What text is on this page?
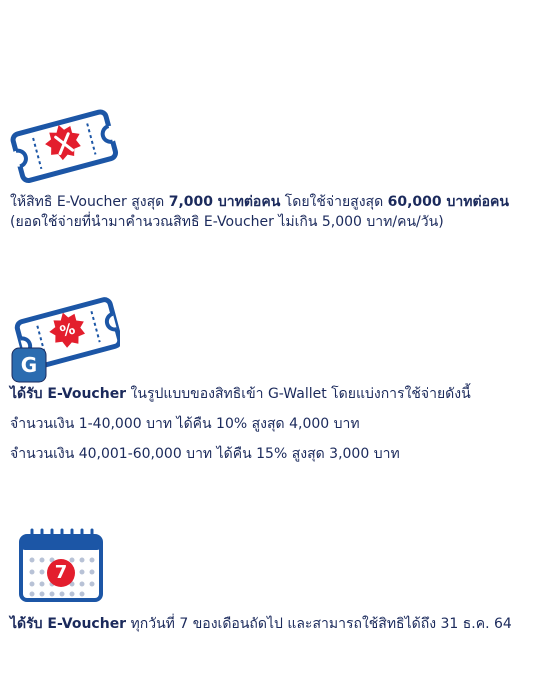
ให้สิทธิ E-Voucher สูงสุด 7,000 บาทต่อคน โดยใช้จ่ายสูงสุด 60,000 บาทต่อคน
(ยอดใช้จ่ายที่นำมาคำนวณสิทธิ E-Voucher ไม่เกิน 5,000 บาท/คน/วัน)
%
G
ได้รับ E-Voucher ในรูปแบบของสิทธิเข้า G-Wallet โดยแบ่งการใช้จ่ายดังนี้
จำนวนเงิน 1-40,000 บาท ได้คืน 10% สูงสุด 4,000 บาท
จำนวนเงิน 40,001-60,000 บาท ได้คืน 15% สูงสุด 3,000 บาท
7
ได้รับ E-Voucher ทุกวันที่ 7 ของเดือนถัดไป และสามารถใช้สิทธิได้ถึง 31 ธ.ค. 64
